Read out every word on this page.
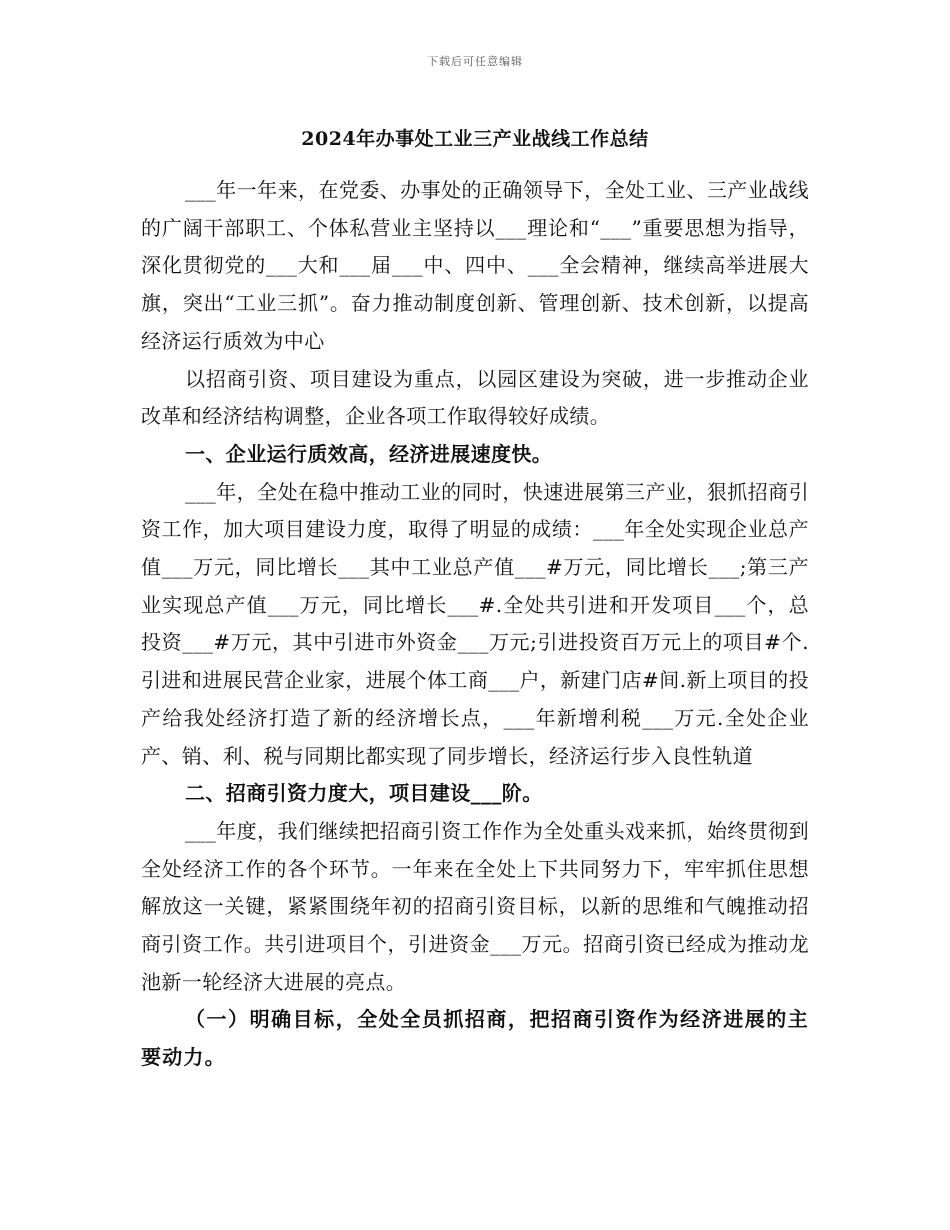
下载后可任意编辑
2024年办事处工业三产业战线工作总结

___年一年来，在党委、办事处的正确领导下，全处工业、三产业战线的广阔干部职工、个体私营业主坚持以___理论和“___”重要思想为指导，深化贯彻党的___大和___届___中、四中、___全会精神，继续高举进展大旗，突出“工业三抓”。奋力推动制度创新、管理创新、技术创新，以提高经济运行质效为中心

以招商引资、项目建设为重点，以园区建设为突破，进一步推动企业改革和经济结构调整，企业各项工作取得较好成绩。

一、企业运行质效高，经济进展速度快。

___年，全处在稳中推动工业的同时，快速进展第三产业，狠抓招商引资工作，加大项目建设力度，取得了明显的成绩：___年全处实现企业总产值___万元，同比增长___其中工业总产值___#万元，同比增长___;第三产业实现总产值___万元，同比增长___#.全处共引进和开发项目___个，总投资___#万元，其中引进市外资金___万元;引进投资百万元上的项目#个.引进和进展民营企业家，进展个体工商___户，新建门店#间.新上项目的投产给我处经济打造了新的经济增长点，___年新增利税___万元.全处企业产、销、利、税与同期比都实现了同步增长，经济运行步入良性轨道

二、招商引资力度大，项目建设___阶。

___年度，我们继续把招商引资工作作为全处重头戏来抓，始终贯彻到全处经济工作的各个环节。一年来在全处上下共同努力下，牢牢抓住思想解放这一关键，紧紧围绕年初的招商引资目标，以新的思维和气魄推动招商引资工作。共引进项目个，引进资金___万元。招商引资已经成为推动龙池新一轮经济大进展的亮点。

（一）明确目标，全处全员抓招商，把招商引资作为经济进展的主要动力。
